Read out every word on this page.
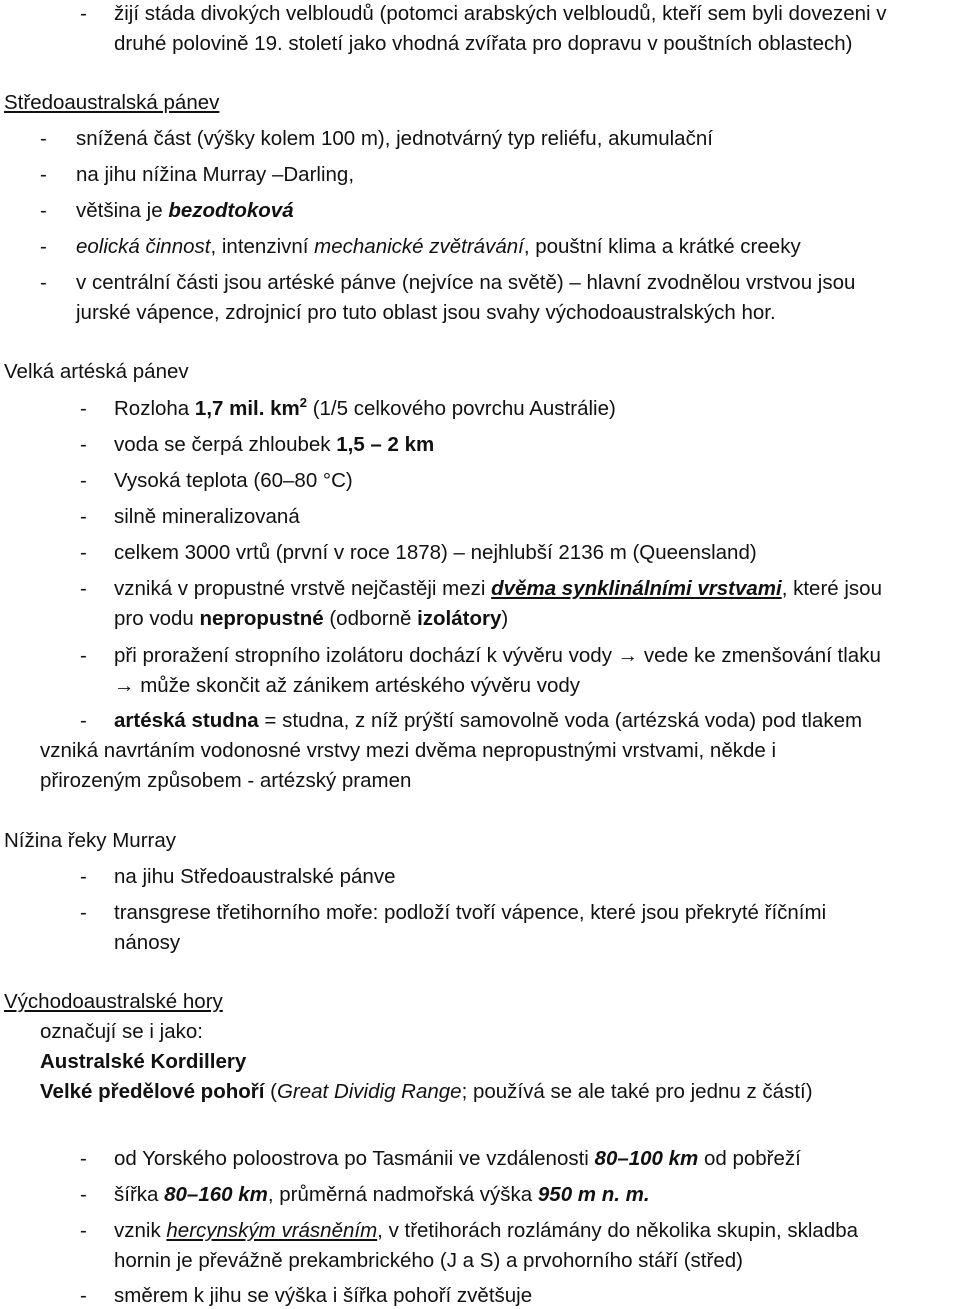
- žijí stáda divokých velbloudů (potomci arabských velbloudů, kteří sem byli dovezeni v
druhé polovině 19. století jako vhodná zvířata pro dopravu v pouštních oblastech)
Středoaustralská pánev
- snížená část (výšky kolem 100 m), jednotvárný typ reliéfu, akumulační
- na jihu nížina Murray –Darling,
- většina je bezodtoková
- eolická činnost, intenzivní mechanické zvětrávání, pouštní klima a krátké creeky
- v centrální části jsou artéské pánve (nejvíce na světě) – hlavní zvodnělou vrstvou jsou
jurské vápence, zdrojnicí pro tuto oblast jsou svahy východoaustralských hor.
Velká artéská pánev
- Rozloha 1,7 mil. $km^2$ (1/5 celkového povrchu Austrálie)
- voda se čerpá zhloubek 1,5 – 2 km
- Vysoká teplota (60–80 °C)
- silně mineralizovaná
- celkem 3000 vrtů (první v roce 1878) – nejhlubší 2136 m (Queensland)
- vzniká v propustné vrstvě nejčastěji mezi dvěma synklinálními vrstvami, které jsou
pro vodu nepropustné (odborně izolátory)
- při proražení stropního izolátoru dochází k vývěru vody → vede ke zmenšování tlaku
→ může skončit až zánikem artéského vývěru vody
- artéská studna = studna, z níž prýští samovolně voda (artézská voda) pod tlakem
vzniká navrtáním vodonosné vrstvy mezi dvěma nepropustnými vrstvami, někde i
přirozeným způsobem - artézský pramen
Nížina řeky Murray
- na jihu Středoaustralské pánve
- transgrese třetihorního moře: podloží tvoří vápence, které jsou překryté říčními
nánosy
Východoaustralské hory
označují se i jako:
Australské Kordillery
Velké předělové pohoří (Great Dividig Range; používá se ale také pro jednu z částí)
- od Yorského poloostrova po Tasmánii ve vzdálenosti 80–100 km od pobřeží
- šířka 80–160 km, průměrná nadmořská výška 950 m n. m.
- vznik hercynským vrásněním, v třetihorách rozlámány do několika skupin, skladba
hornin je převážně prekambrického (J a S) a prvohorního stáří (střed)
- směrem k jihu se výška i šířka pohoří zvětšuje
